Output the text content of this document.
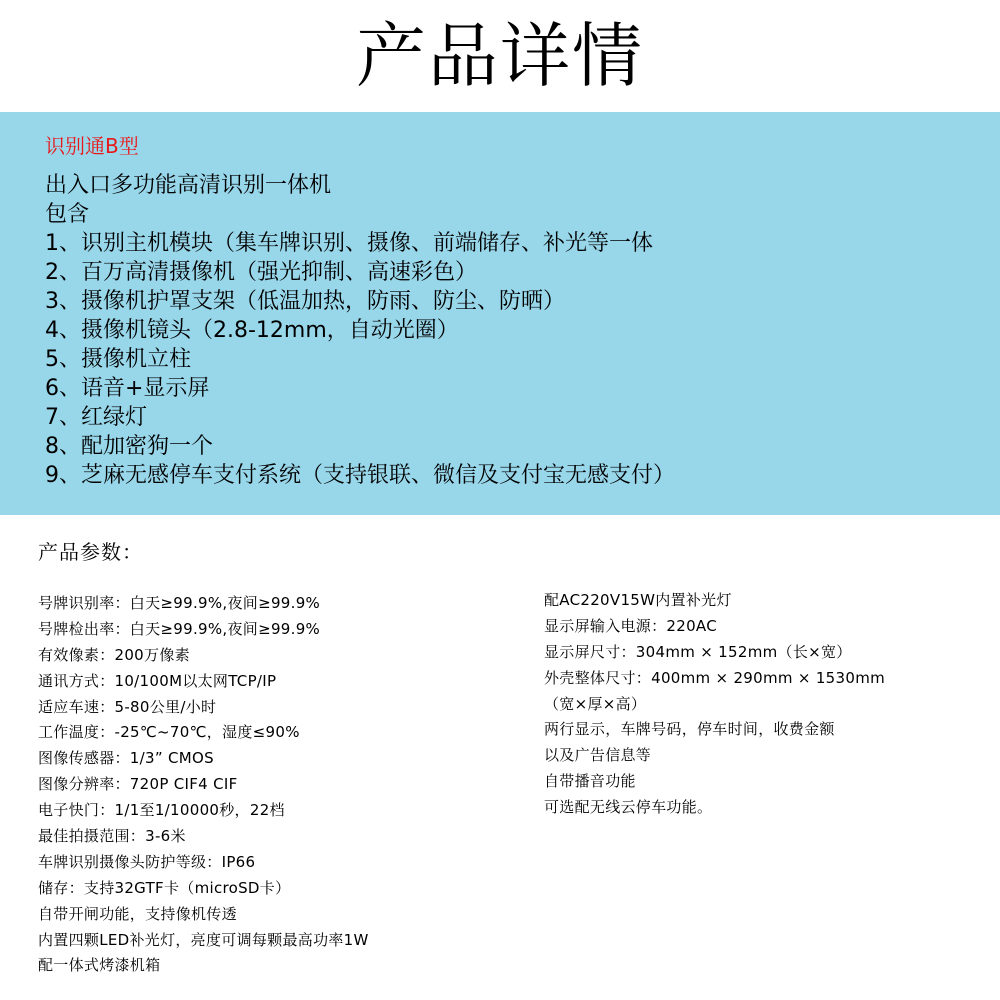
产品详情
识别通B型
出入口多功能高清识别一体机
包含
1、识别主机模块（集车牌识别、摄像、前端储存、补光等一体
2、百万高清摄像机（强光抑制、高速彩色）
3、摄像机护罩支架（低温加热，防雨、防尘、防晒）
4、摄像机镜头（2.8-12mm，自动光圈）
5、摄像机立柱
6、语音+显示屏
7、红绿灯
8、配加密狗一个
9、芝麻无感停车支付系统（支持银联、微信及支付宝无感支付）
产品参数：
号牌识别率：白天≥99.9%,夜间≥99.9%
号牌检出率：白天≥99.9%,夜间≥99.9%
有效像素：200万像素
通讯方式：10/100M以太网TCP/IP
适应车速：5-80公里/小时
工作温度：-25℃~70℃，湿度≤90%
图像传感器：1/3” CMOS
图像分辨率：720P CIF4 CIF
电子快门：1/1至1/10000秒，22档
最佳拍摄范围：3-6米
车牌识别摄像头防护等级：IP66
储存：支持32GTF卡（microSD卡）
自带开闸功能，支持像机传透
内置四颗LED补光灯，亮度可调每颗最高功率1W
配一体式烤漆机箱
配AC220V15W内置补光灯
显示屏输入电源：220AC
显示屏尺寸：304mm × 152mm（长×宽）
外壳整体尺寸：400mm × 290mm × 1530mm
（宽×厚×高）
两行显示，车牌号码，停车时间，收费金额
以及广告信息等
自带播音功能
可选配无线云停车功能。
